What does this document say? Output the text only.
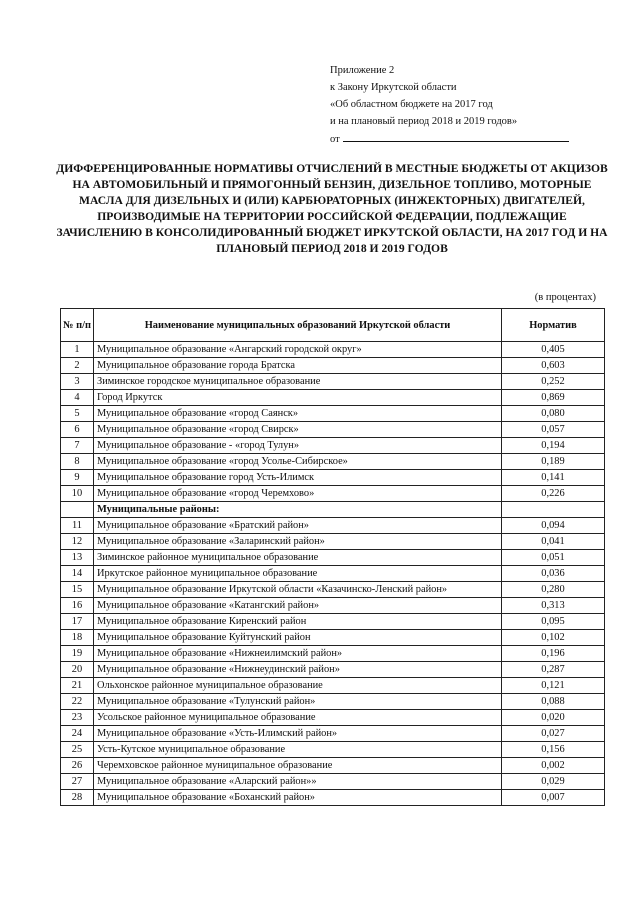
Приложение 2
к Закону Иркутской области
«Об областном бюджете на 2017 год
и на плановый период 2018 и 2019 годов»
от
ДИФФЕРЕНЦИРОВАННЫЕ НОРМАТИВЫ ОТЧИСЛЕНИЙ В МЕСТНЫЕ БЮДЖЕТЫ ОТ АКЦИЗОВ НА АВТОМОБИЛЬНЫЙ И ПРЯМОГОННЫЙ БЕНЗИН, ДИЗЕЛЬНОЕ ТОПЛИВО, МОТОРНЫЕ МАСЛА ДЛЯ ДИЗЕЛЬНЫХ И (ИЛИ) КАРБЮРАТОРНЫХ (ИНЖЕКТОРНЫХ) ДВИГАТЕЛЕЙ, ПРОИЗВОДИМЫЕ НА ТЕРРИТОРИИ РОССИЙСКОЙ ФЕДЕРАЦИИ, ПОДЛЕЖАЩИЕ ЗАЧИСЛЕНИЮ В КОНСОЛИДИРОВАННЫЙ БЮДЖЕТ ИРКУТСКОЙ ОБЛАСТИ, НА 2017 ГОД И НА ПЛАНОВЫЙ ПЕРИОД 2018 И 2019 ГОДОВ
(в процентах)
№ п/п	Наименование муниципальных образований Иркутской области	Норматив
1	Муниципальное образование «Ангарский городской округ»	0,405
2	Муниципальное образование города Братска	0,603
3	Зиминское городское муниципальное образование	0,252
4	Город Иркутск	0,869
5	Муниципальное образование «город Саянск»	0,080
6	Муниципальное образование «город Свирск»	0,057
7	Муниципальное образование - «город Тулун»	0,194
8	Муниципальное образование «город Усолье-Сибирское»	0,189
9	Муниципальное образование город Усть-Илимск	0,141
10	Муниципальное образование «город Черемхово»	0,226
	Муниципальные районы:	
11	Муниципальное образование «Братский район»	0,094
12	Муниципальное образование «Заларинский район»	0,041
13	Зиминское районное муниципальное образование	0,051
14	Иркутское районное муниципальное образование	0,036
15	Муниципальное образование Иркутской области «Казачинско-Ленский район»	0,280
16	Муниципальное образование «Катангский район»	0,313
17	Муниципальное образование Киренский район	0,095
18	Муниципальное образование Куйтунский район	0,102
19	Муниципальное образование «Нижнеилимский район»	0,196
20	Муниципальное образование «Нижнеудинский район»	0,287
21	Ольхонское районное муниципальное образование	0,121
22	Муниципальное образование «Тулунский район»	0,088
23	Усольское районное муниципальное образование	0,020
24	Муниципальное образование «Усть-Илимский район»	0,027
25	Усть-Кутское муниципальное образование	0,156
26	Черемховское районное муниципальное образование	0,002
27	Муниципальное образование «Аларский район»»	0,029
28	Муниципальное образование «Боханский район»	0,007
